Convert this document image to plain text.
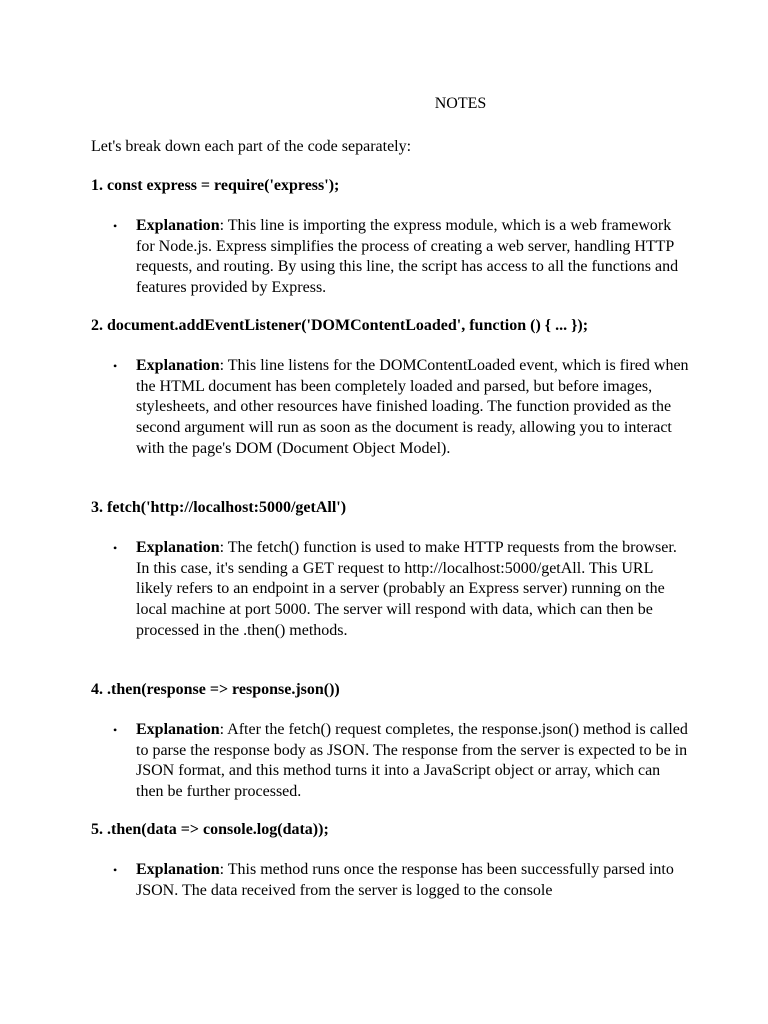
NOTES
Let's break down each part of the code separately:

1. const express = require('express');

• Explanation: This line is importing the express module, which is a web framework for Node.js. Express simplifies the process of creating a web server, handling HTTP requests, and routing. By using this line, the script has access to all the functions and features provided by Express.

2. document.addEventListener('DOMContentLoaded', function () { ... });

• Explanation: This line listens for the DOMContentLoaded event, which is fired when the HTML document has been completely loaded and parsed, but before images, stylesheets, and other resources have finished loading. The function provided as the second argument will run as soon as the document is ready, allowing you to interact with the page's DOM (Document Object Model).

3. fetch('http://localhost:5000/getAll')

• Explanation: The fetch() function is used to make HTTP requests from the browser. In this case, it's sending a GET request to http://localhost:5000/getAll. This URL likely refers to an endpoint in a server (probably an Express server) running on the local machine at port 5000. The server will respond with data, which can then be processed in the .then() methods.

4. .then(response => response.json())

• Explanation: After the fetch() request completes, the response.json() method is called to parse the response body as JSON. The response from the server is expected to be in JSON format, and this method turns it into a JavaScript object or array, which can then be further processed.

5. .then(data => console.log(data));

• Explanation: This method runs once the response has been successfully parsed into JSON. The data received from the server is logged to the console
